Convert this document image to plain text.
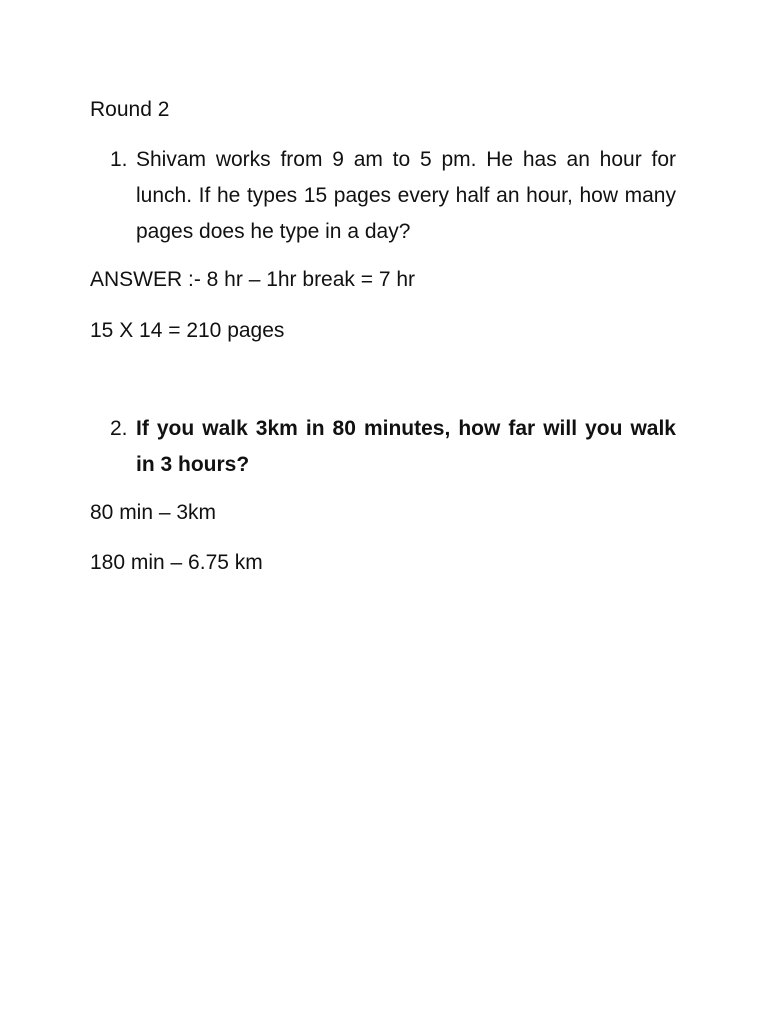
Round 2
1. Shivam works from 9 am to 5 pm. He has an hour for lunch. If he types 15 pages every half an hour, how many pages does he type in a day?
ANSWER :- 8 hr – 1hr break = 7 hr
15 X 14 = 210 pages
2. If you walk 3km in 80 minutes, how far will you walk in 3 hours?
80 min – 3km
180 min – 6.75 km
